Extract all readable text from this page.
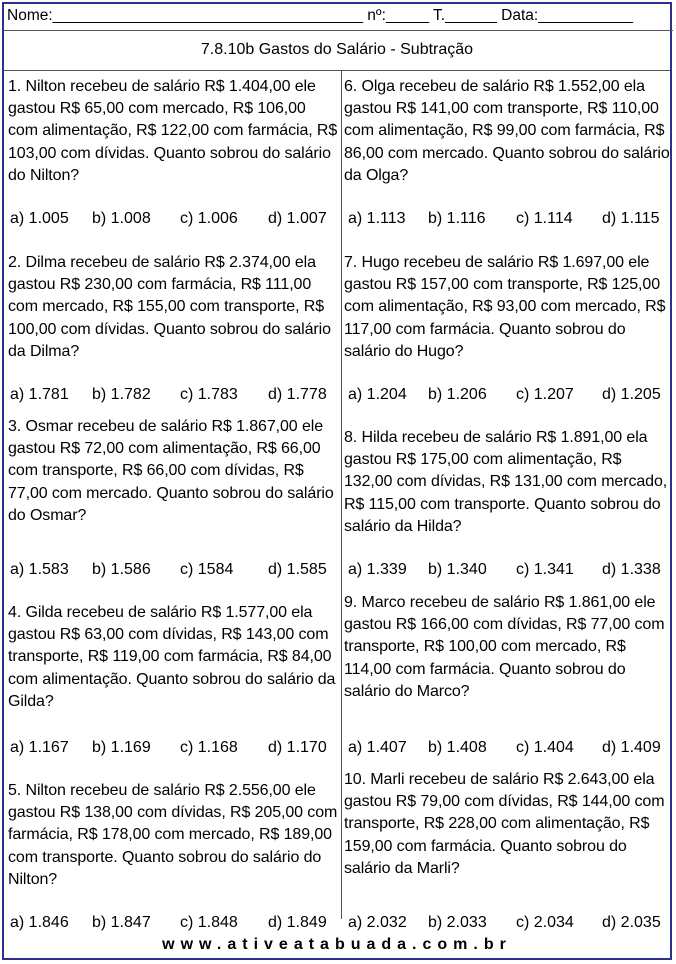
Nome:____________________________________ nº:_____ T.______ Data:___________
7.8.10b Gastos do Salário - Subtração
1. Nilton recebeu de salário R$ 1.404,00 ele gastou R$ 65,00 com mercado, R$ 106,00 com alimentação, R$ 122,00 com farmácia, R$ 103,00 com dívidas. Quanto sobrou do salário do Nilton?
a) 1.005 b) 1.008 c) 1.006 d) 1.007
2. Dilma recebeu de salário R$ 2.374,00 ela gastou R$ 230,00 com farmácia, R$ 111,00 com mercado, R$ 155,00 com transporte, R$ 100,00 com dívidas. Quanto sobrou do salário da Dilma?
a) 1.781 b) 1.782 c) 1.783 d) 1.778
3. Osmar recebeu de salário R$ 1.867,00 ele gastou R$ 72,00 com alimentação, R$ 66,00 com transporte, R$ 66,00 com dívidas, R$ 77,00 com mercado. Quanto sobrou do salário do Osmar?
a) 1.583 b) 1.586 c) 1584 d) 1.585
4. Gilda recebeu de salário R$ 1.577,00 ela gastou R$ 63,00 com dívidas, R$ 143,00 com transporte, R$ 119,00 com farmácia, R$ 84,00 com alimentação. Quanto sobrou do salário da Gilda?
a) 1.167 b) 1.169 c) 1.168 d) 1.170
5. Nilton recebeu de salário R$ 2.556,00 ele gastou R$ 138,00 com dívidas, R$ 205,00 com farmácia, R$ 178,00 com mercado, R$ 189,00 com transporte. Quanto sobrou do salário do Nilton?
a) 1.846 b) 1.847 c) 1.848 d) 1.849
6. Olga recebeu de salário R$ 1.552,00 ela gastou R$ 141,00 com transporte, R$ 110,00 com alimentação, R$ 99,00 com farmácia, R$ 86,00 com mercado. Quanto sobrou do salário da Olga?
a) 1.113 b) 1.116 c) 1.114 d) 1.115
7. Hugo recebeu de salário R$ 1.697,00 ele gastou R$ 157,00 com transporte, R$ 125,00 com alimentação, R$ 93,00 com mercado, R$ 117,00 com farmácia. Quanto sobrou do salário do Hugo?
a) 1.204 b) 1.206 c) 1.207 d) 1.205
8. Hilda recebeu de salário R$ 1.891,00 ela gastou R$ 175,00 com alimentação, R$ 132,00 com dívidas, R$ 131,00 com mercado, R$ 115,00 com transporte. Quanto sobrou do salário da Hilda?
a) 1.339 b) 1.340 c) 1.341 d) 1.338
9. Marco recebeu de salário R$ 1.861,00 ele gastou R$ 166,00 com dívidas, R$ 77,00 com transporte, R$ 100,00 com mercado, R$ 114,00 com farmácia. Quanto sobrou do salário do Marco?
a) 1.407 b) 1.408 c) 1.404 d) 1.409
10. Marli recebeu de salário R$ 2.643,00 ela gastou R$ 79,00 com dívidas, R$ 144,00 com transporte, R$ 228,00 com alimentação, R$ 159,00 com farmácia. Quanto sobrou do salário da Marli?
a) 2.032 b) 2.033 c) 2.034 d) 2.035
www.ativeatabuada.com.br
